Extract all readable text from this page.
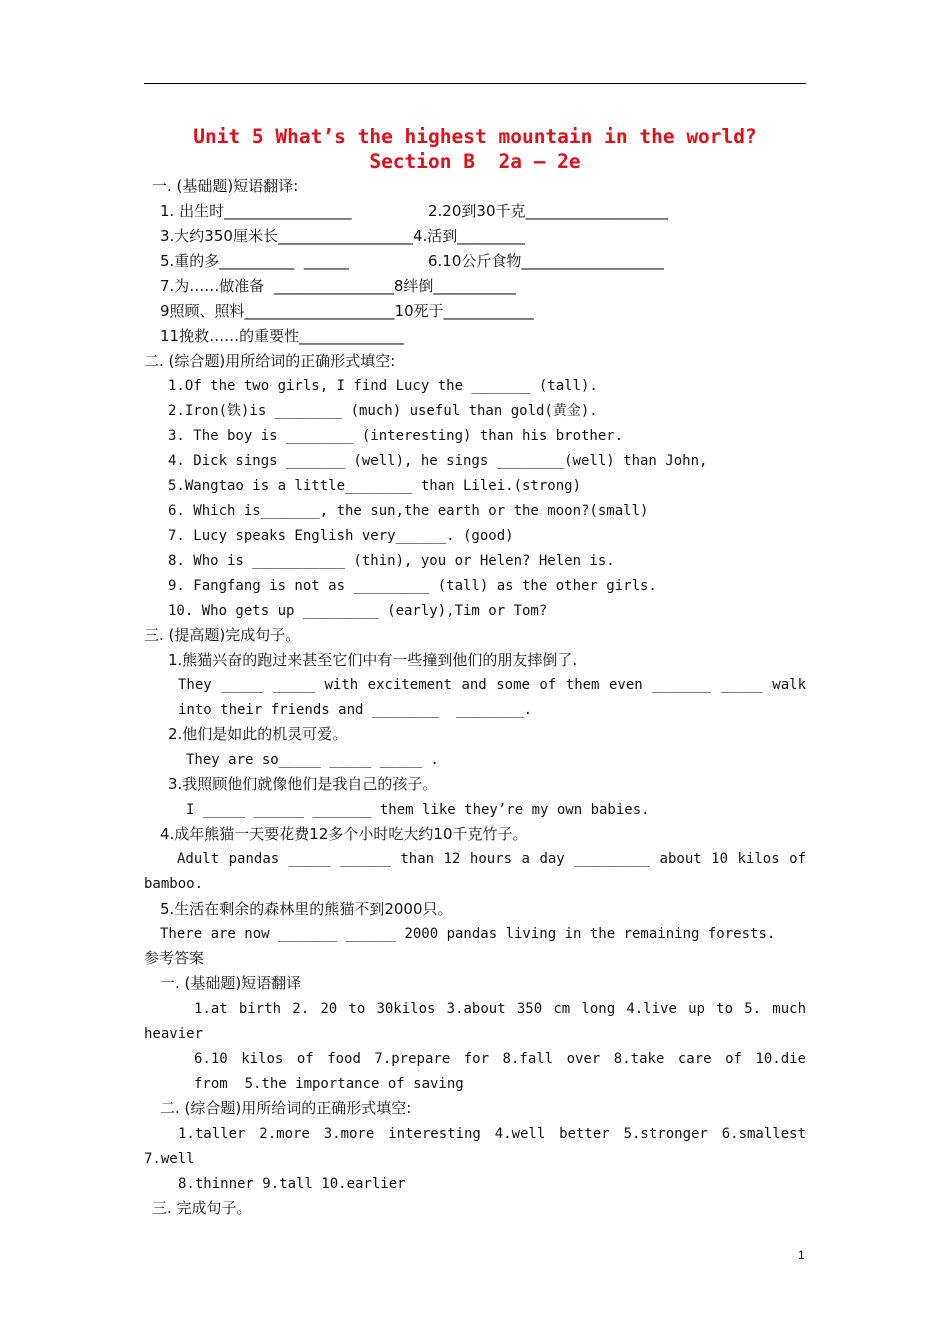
Unit 5 What’s the highest mountain in the world?
Section B  2a – 2e
一. (基础题)短语翻译:
1. 出生时_________________	2.20到30千克___________________
3.大约350厘米长__________________4.活到_________
5.重的多__________  ______	6.10公斤食物___________________
7.为……做准备  ________________8绊倒___________
9照顾、照料____________________10死于____________
11挽救……的重要性______________
二. (综合题)用所给词的正确形式填空:
1.Of the two girls, I find Lucy the _______ (tall).
2.Iron(铁)is ________ (much) useful than gold(黄金).
3. The boy is ________ (interesting) than his brother.
4. Dick sings _______ (well), he sings ________(well) than John,
5.Wangtao is a little________ than Lilei.(strong)
6. Which is_______, the sun,the earth or the moon?(small)
7. Lucy speaks English very______. (good)
8. Who is ___________ (thin), you or Helen? Helen is.
9. Fangfang is not as _________ (tall) as the other girls.
10. Who gets up _________ (early),Tim or Tom?
三. (提高题)完成句子。
1.熊猫兴奋的跑过来甚至它们中有一些撞到他们的朋友摔倒了.
They _____ _____ with excitement and some of them even _______ _____ walk
into their friends and ________  ________.
2.他们是如此的机灵可爱。
They are so_____ _____ _____ .
3.我照顾他们就像他们是我自己的孩子。
I _____ ______ _______ them like they’re my own babies.
4.成年熊猫一天要花费12多个小时吃大约10千克竹子。
Adult pandas _____ ______ than 12 hours a day _________ about 10 kilos of
bamboo.
5.生活在剩余的森林里的熊猫不到2000只。
There are now _______ ______ 2000 pandas living in the remaining forests.
参考答案
一. (基础题)短语翻译
1.at birth 2. 20 to 30kilos 3.about 350 cm long 4.live up to 5. much
heavier
6.10 kilos of food 7.prepare for 8.fall over 8.take care of 10.die
from  5.the importance of saving
二. (综合题)用所给词的正确形式填空:
1.taller 2.more 3.more interesting 4.well better 5.stronger 6.smallest
7.well
8.thinner 9.tall 10.earlier
三. 完成句子。
1
